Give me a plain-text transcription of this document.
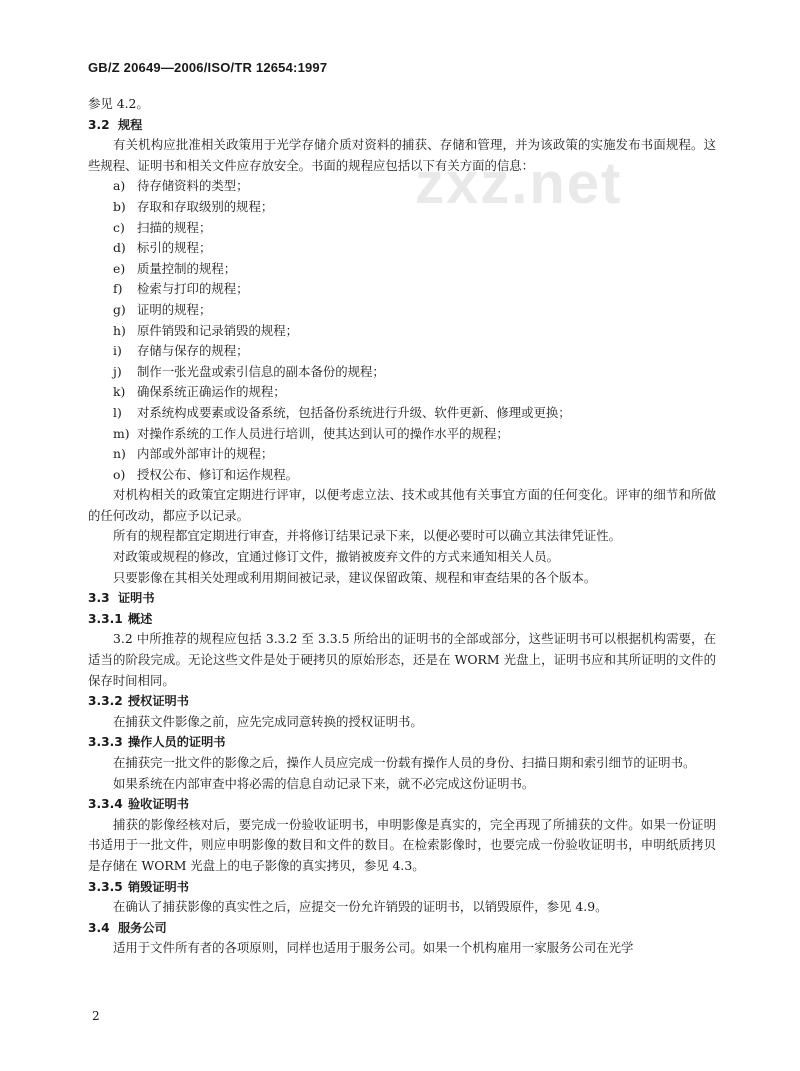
GB/Z 20649—2006/ISO/TR 12654:1997
zxz.net

参见 4.2。

3.2 规程

有关机构应批准相关政策用于光学存储介质对资料的捕获、存储和管理，并为该政策的实施发布书面规程。这些规程、证明书和相关文件应存放安全。书面的规程应包括以下有关方面的信息：

a) 待存储资料的类型；

b) 存取和存取级别的规程；

c) 扫描的规程；

d) 标引的规程；

e) 质量控制的规程；

f) 检索与打印的规程；

g) 证明的规程；

h) 原件销毁和记录销毁的规程；

i) 存储与保存的规程；

j) 制作一张光盘或索引信息的副本备份的规程；

k) 确保系统正确运作的规程；

l) 对系统构成要素或设备系统，包括备份系统进行升级、软件更新、修理或更换；

m) 对操作系统的工作人员进行培训，使其达到认可的操作水平的规程；

n) 内部或外部审计的规程；

o) 授权公布、修订和运作规程。

对机构相关的政策宜定期进行评审，以便考虑立法、技术或其他有关事宜方面的任何变化。评审的细节和所做的任何改动，都应予以记录。

所有的规程都宜定期进行审查，并将修订结果记录下来，以便必要时可以确立其法律凭证性。

对政策或规程的修改，宜通过修订文件，撤销被废弃文件的方式来通知相关人员。

只要影像在其相关处理或利用期间被记录，建议保留政策、规程和审查结果的各个版本。

3.3 证明书

3.3.1 概述

3.2 中所推荐的规程应包括 3.3.2 至 3.3.5 所给出的证明书的全部或部分，这些证明书可以根据机构需要，在适当的阶段完成。无论这些文件是处于硬拷贝的原始形态，还是在 WORM 光盘上，证明书应和其所证明的文件的保存时间相同。

3.3.2 授权证明书

在捕获文件影像之前，应先完成同意转换的授权证明书。

3.3.3 操作人员的证明书

在捕获完一批文件的影像之后，操作人员应完成一份载有操作人员的身份、扫描日期和索引细节的证明书。

如果系统在内部审查中将必需的信息自动记录下来，就不必完成这份证明书。

3.3.4 验收证明书

捕获的影像经核对后，要完成一份验收证明书，申明影像是真实的，完全再现了所捕获的文件。如果一份证明书适用于一批文件，则应申明影像的数目和文件的数目。在检索影像时，也要完成一份验收证明书，申明纸质拷贝是存储在 WORM 光盘上的电子影像的真实拷贝，参见 4.3。

3.3.5 销毁证明书

在确认了捕获影像的真实性之后，应提交一份允许销毁的证明书，以销毁原件，参见 4.9。

3.4 服务公司

适用于文件所有者的各项原则，同样也适用于服务公司。如果一个机构雇用一家服务公司在光学

2
